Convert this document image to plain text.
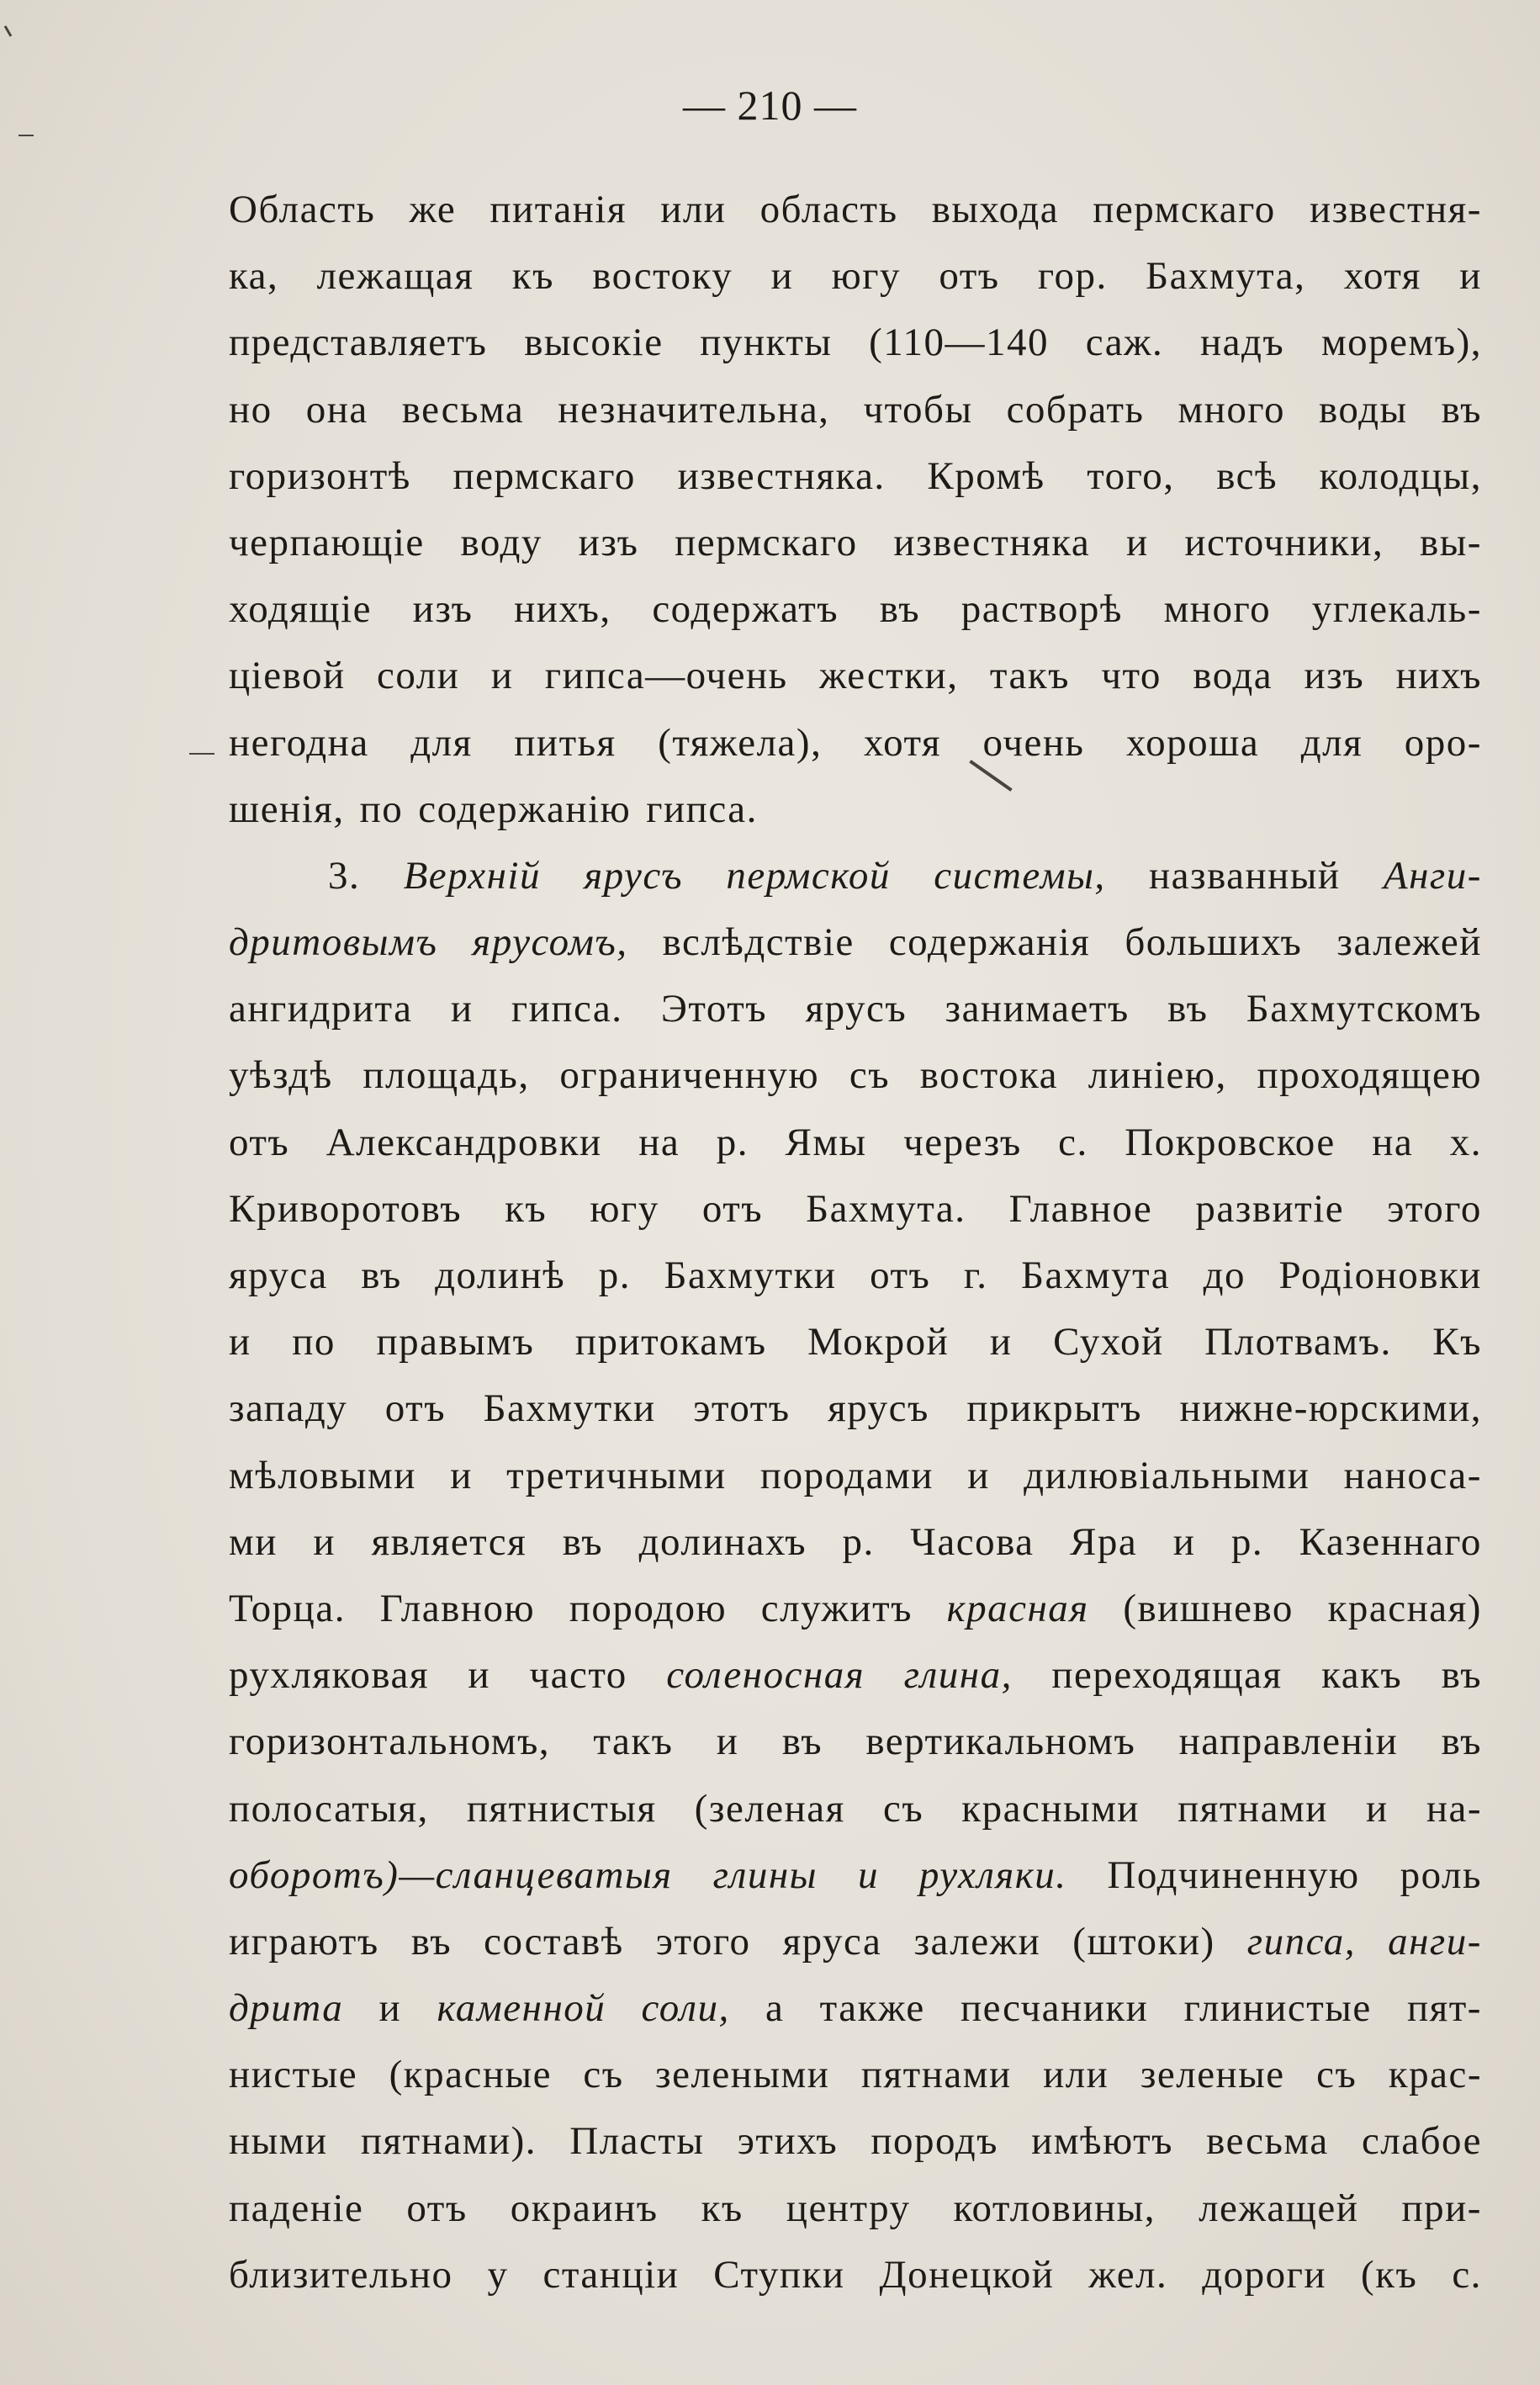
— 210 —
Область же питанія или область выхода пермскаго известня-
ка, лежащая къ востоку и югу отъ гор. Бахмута, хотя и
представляетъ высокіе пункты (110—140 саж. надъ моремъ),
но она весьма незначительна, чтобы собрать много воды въ
горизонтѣ пермскаго известняка. Кромѣ того, всѣ колодцы,
черпающіе воду изъ пермскаго известняка и источники, вы-
ходящіе изъ нихъ, содержатъ въ растворѣ много углекаль-
ціевой соли и гипса—очень жестки, такъ что вода изъ нихъ
негодна для питья (тяжела), хотя очень хороша для оро-
шенія, по содержанію гипса.
3. Верхній ярусъ пермской системы, названный Анги-
дритовымъ ярусомъ, вслѣдствіе содержанія большихъ залежей
ангидрита и гипса. Этотъ ярусъ занимаетъ въ Бахмутскомъ
уѣздѣ площадь, ограниченную съ востока линіею, проходящею
отъ Александровки на р. Ямы черезъ с. Покровское на х.
Криворотовъ къ югу отъ Бахмута. Главное развитіе этого
яруса въ долинѣ р. Бахмутки отъ г. Бахмута до Родіоновки
и по правымъ притокамъ Мокрой и Сухой Плотвамъ. Къ
западу отъ Бахмутки этотъ ярусъ прикрытъ нижне-юрскими,
мѣловыми и третичными породами и дилювіальными наноса-
ми и является въ долинахъ р. Часова Яра и р. Казеннаго
Торца. Главною породою служитъ красная (вишнево красная)
рухляковая и часто соленосная глина, переходящая какъ въ
горизонтальномъ, такъ и въ вертикальномъ направленіи въ
полосатыя, пятнистыя (зеленая съ красными пятнами и на-
оборотъ)—сланцеватыя глины и рухляки. Подчиненную роль
играютъ въ составѣ этого яруса залежи (штоки) гипса, анги-
дрита и каменной соли, а также песчаники глинистые пят-
нистые (красные съ зелеными пятнами или зеленые съ крас-
ными пятнами). Пласты этихъ породъ имѣютъ весьма слабое
паденіе отъ окраинъ къ центру котловины, лежащей при-
близительно у станціи Ступки Донецкой жел. дороги (къ с.
